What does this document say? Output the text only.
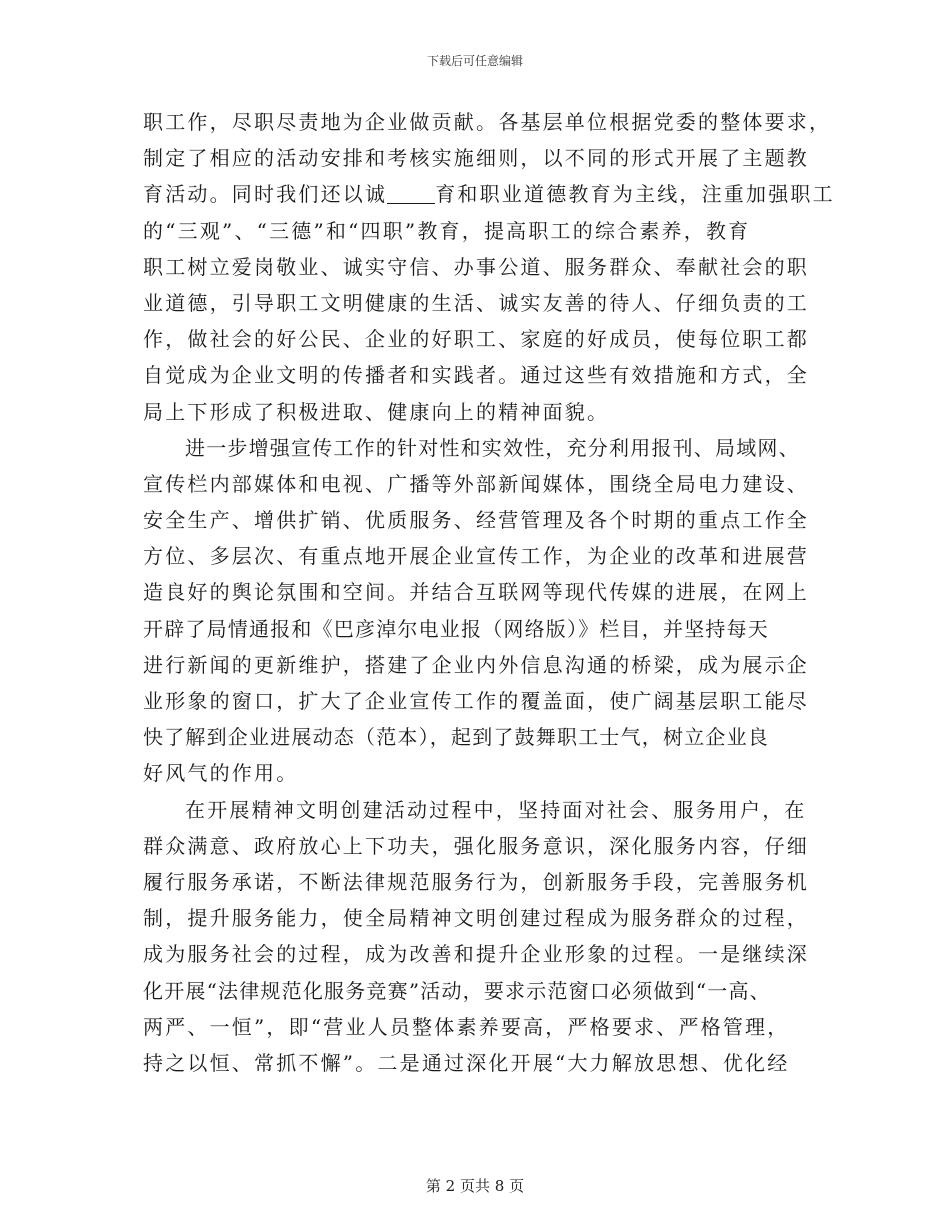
下载后可任意编辑
职工作，尽职尽责地为企业做贡献。各基层单位根据党委的整体要求，
制定了相应的活动安排和考核实施细则，以不同的形式开展了主题教
育活动。同时我们还以诚 育和职业道德教育为主线，注重加强职工
的“三观”、“三德”和“四职”教育，提高职工的综合素养，教育
职工树立爱岗敬业、诚实守信、办事公道、服务群众、奉献社会的职
业道德，引导职工文明健康的生活、诚实友善的待人、仔细负责的工
作，做社会的好公民、企业的好职工、家庭的好成员，使每位职工都
自觉成为企业文明的传播者和实践者。通过这些有效措施和方式，全
局上下形成了积极进取、健康向上的精神面貌。
进一步增强宣传工作的针对性和实效性，充分利用报刊、局域网、
宣传栏内部媒体和电视、广播等外部新闻媒体，围绕全局电力建设、
安全生产、增供扩销、优质服务、经营管理及各个时期的重点工作全
方位、多层次、有重点地开展企业宣传工作，为企业的改革和进展营
造良好的舆论氛围和空间。并结合互联网等现代传媒的进展，在网上
开辟了局情通报和《巴彦淖尔电业报（网络版）》栏目，并坚持每天
进行新闻的更新维护，搭建了企业内外信息沟通的桥梁，成为展示企
业形象的窗口，扩大了企业宣传工作的覆盖面，使广阔基层职工能尽
快了解到企业进展动态（范本），起到了鼓舞职工士气，树立企业良
好风气的作用。
在开展精神文明创建活动过程中，坚持面对社会、服务用户，在
群众满意、政府放心上下功夫，强化服务意识，深化服务内容，仔细
履行服务承诺，不断法律规范服务行为，创新服务手段，完善服务机
制，提升服务能力，使全局精神文明创建过程成为服务群众的过程，
成为服务社会的过程，成为改善和提升企业形象的过程。一是继续深
化开展“法律规范化服务竞赛”活动，要求示范窗口必须做到“一高、
两严、一恒”，即“营业人员整体素养要高，严格要求、严格管理，
持之以恒、常抓不懈”。二是通过深化开展“大力解放思想、优化经
第 2 页共 8 页
